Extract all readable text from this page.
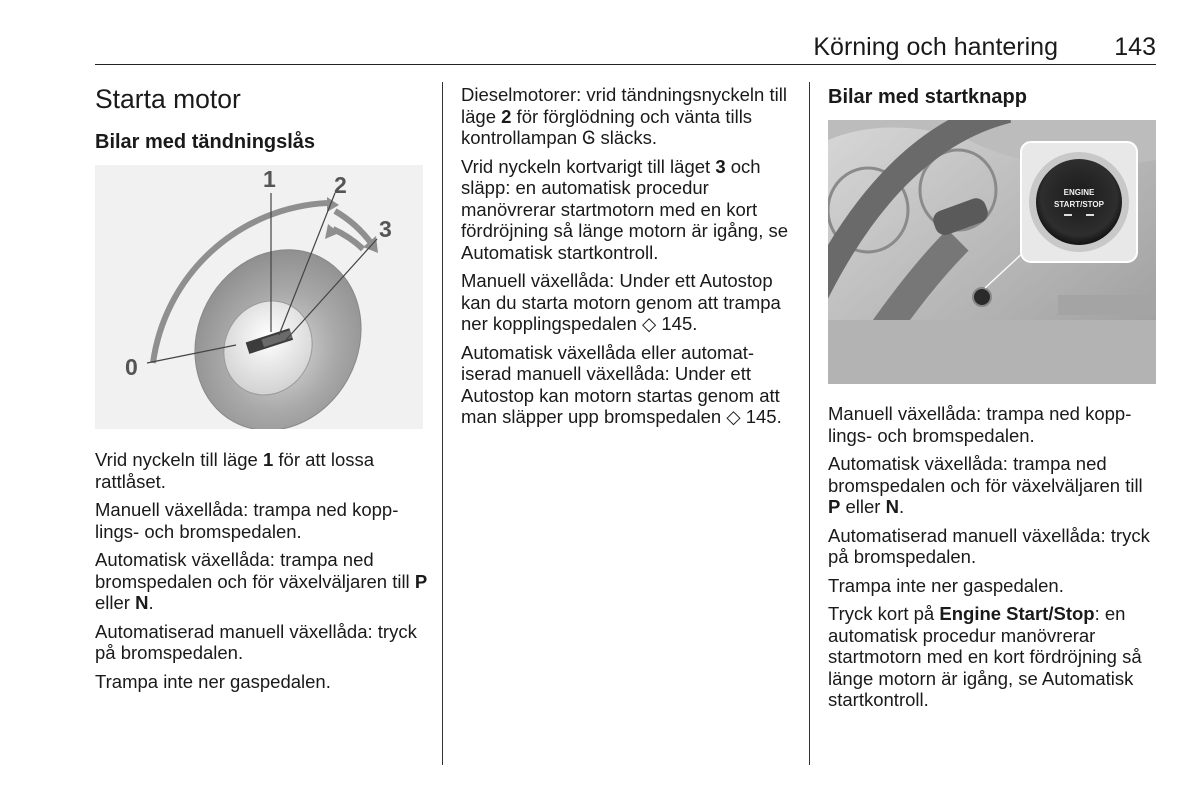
Körning och hantering	143
Starta motor
Bilar med tändningslås
0
1	2
3

Vrid nyckeln till läge 1 för att lossa rattlåset.

Manuell växellåda: trampa ned kopplings- och bromspedalen.

Automatisk växellåda: trampa ned bromspedalen och för växelväljaren till P eller N.

Automatiserad manuell växellåda: tryck på bromspedalen.

Trampa inte ner gaspedalen.

Dieselmotorer: vrid tändningsnyckeln till läge 2 för förglödning och vänta tills kontrollampan Ꮆ släcks.

Vrid nyckeln kortvarigt till läget 3 och släpp: en automatisk procedur manövrerar startmotorn med en kort fördröjning så länge motorn är igång, se Automatisk startkontroll.

Manuell växellåda: Under ett Autostop kan du starta motorn genom att trampa ner kopplingspedalen ◇ 145.

Automatisk växellåda eller automatiserad manuell växellåda: Under ett Autostop kan motorn startas genom att man släpper upp bromspedalen ◇ 145.

Bilar med startknapp
ENGINE
START/STOP

Manuell växellåda: trampa ned kopplings- och bromspedalen.

Automatisk växellåda: trampa ned bromspedalen och för växelväljaren till P eller N.

Automatiserad manuell växellåda: tryck på bromspedalen.

Trampa inte ner gaspedalen.

Tryck kort på Engine Start/Stop: en automatisk procedur manövrerar startmotorn med en kort fördröjning så länge motorn är igång, se Automatisk startkontroll.
